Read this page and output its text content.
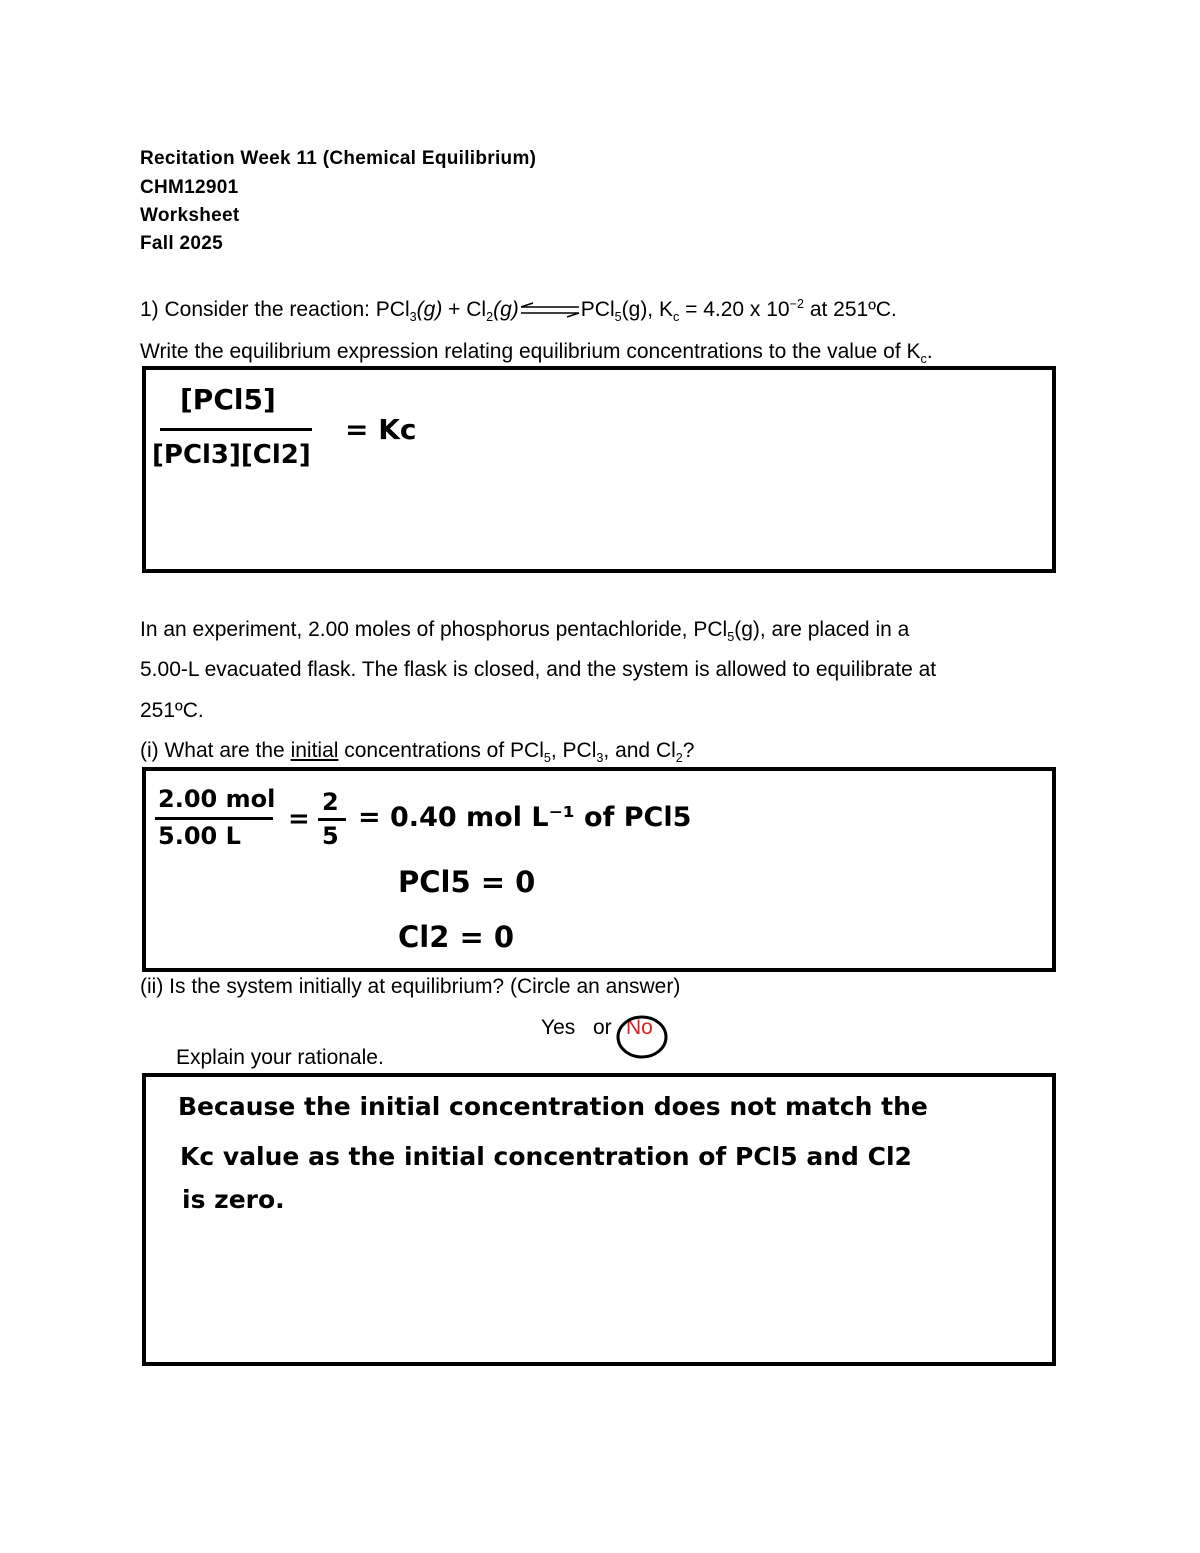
Recitation Week 11 (Chemical Equilibrium)
CHM12901
Worksheet
Fall 2025
1) Consider the reaction: $PCl_3(g) + Cl_2(g)\rightleftharpoons PCl_5(g)$, $K_c = 4.20$ x $10^{-2}$ at 251ºC.
Write the equilibrium expression relating equilibrium concentrations to the value of $K_c$.
[PCl5]
[PCl3][Cl2]
= Kc
In an experiment, 2.00 moles of phosphorus pentachloride, PCl$_5$(g), are placed in a
5.00-L evacuated flask. The flask is closed, and the system is allowed to equilibrate at
251ºC.
(i) What are the initial concentrations of PCl$_5$, PCl$_3$, and $Cl_2$?
2.00 mol
5.00 L
=
2
5
= 0.40 mol L⁻¹ of PCl5
PCl5 = 0
Cl2 = 0
(ii) Is the system initially at equilibrium? (Circle an answer)
Yes or No
Explain your rationale.
Because the initial concentration does not match the
Kc value as the initial concentration of PCl5 and Cl2
is zero.
